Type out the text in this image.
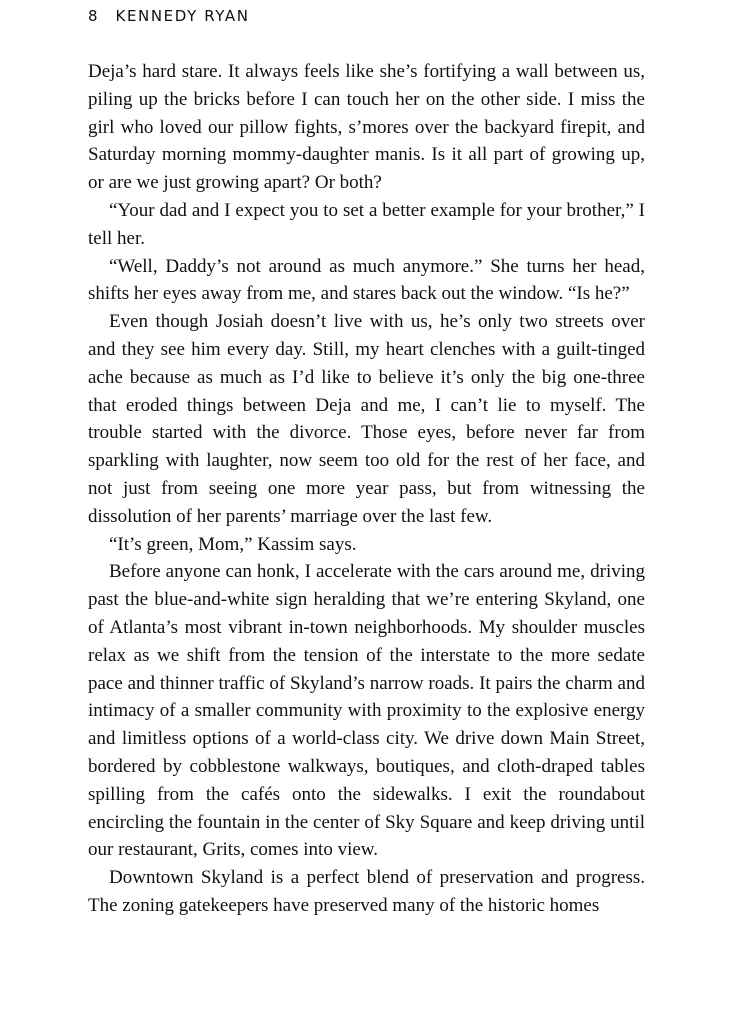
8 KENNEDY RYAN

Deja’s hard stare. It always feels like she’s fortifying a wall between us, piling up the bricks before I can touch her on the other side. I miss the girl who loved our pillow fights, s’mores over the backyard firepit, and Saturday morning mommy-daughter manis. Is it all part of growing up, or are we just growing apart? Or both?

“Your dad and I expect you to set a better example for your brother,” I tell her.

“Well, Daddy’s not around as much anymore.” She turns her head, shifts her eyes away from me, and stares back out the window. “Is he?”

Even though Josiah doesn’t live with us, he’s only two streets over and they see him every day. Still, my heart clenches with a guilt-tinged ache because as much as I’d like to believe it’s only the big one-three that eroded things between Deja and me, I can’t lie to myself. The trouble started with the divorce. Those eyes, before never far from sparkling with laughter, now seem too old for the rest of her face, and not just from seeing one more year pass, but from witnessing the dissolution of her parents’ marriage over the last few.

“It’s green, Mom,” Kassim says.

Before anyone can honk, I accelerate with the cars around me, driving past the blue-and-white sign heralding that we’re entering Skyland, one of Atlanta’s most vibrant in-town neighborhoods. My shoulder muscles relax as we shift from the tension of the interstate to the more sedate pace and thinner traffic of Skyland’s narrow roads. It pairs the charm and intimacy of a smaller community with proximity to the explosive energy and limitless options of a world-class city. We drive down Main Street, bordered by cobblestone walkways, boutiques, and cloth-draped tables spilling from the cafés onto the sidewalks. I exit the roundabout encircling the fountain in the center of Sky Square and keep driving until our restaurant, Grits, comes into view.

Downtown Skyland is a perfect blend of preservation and progress. The zoning gatekeepers have preserved many of the historic homes
